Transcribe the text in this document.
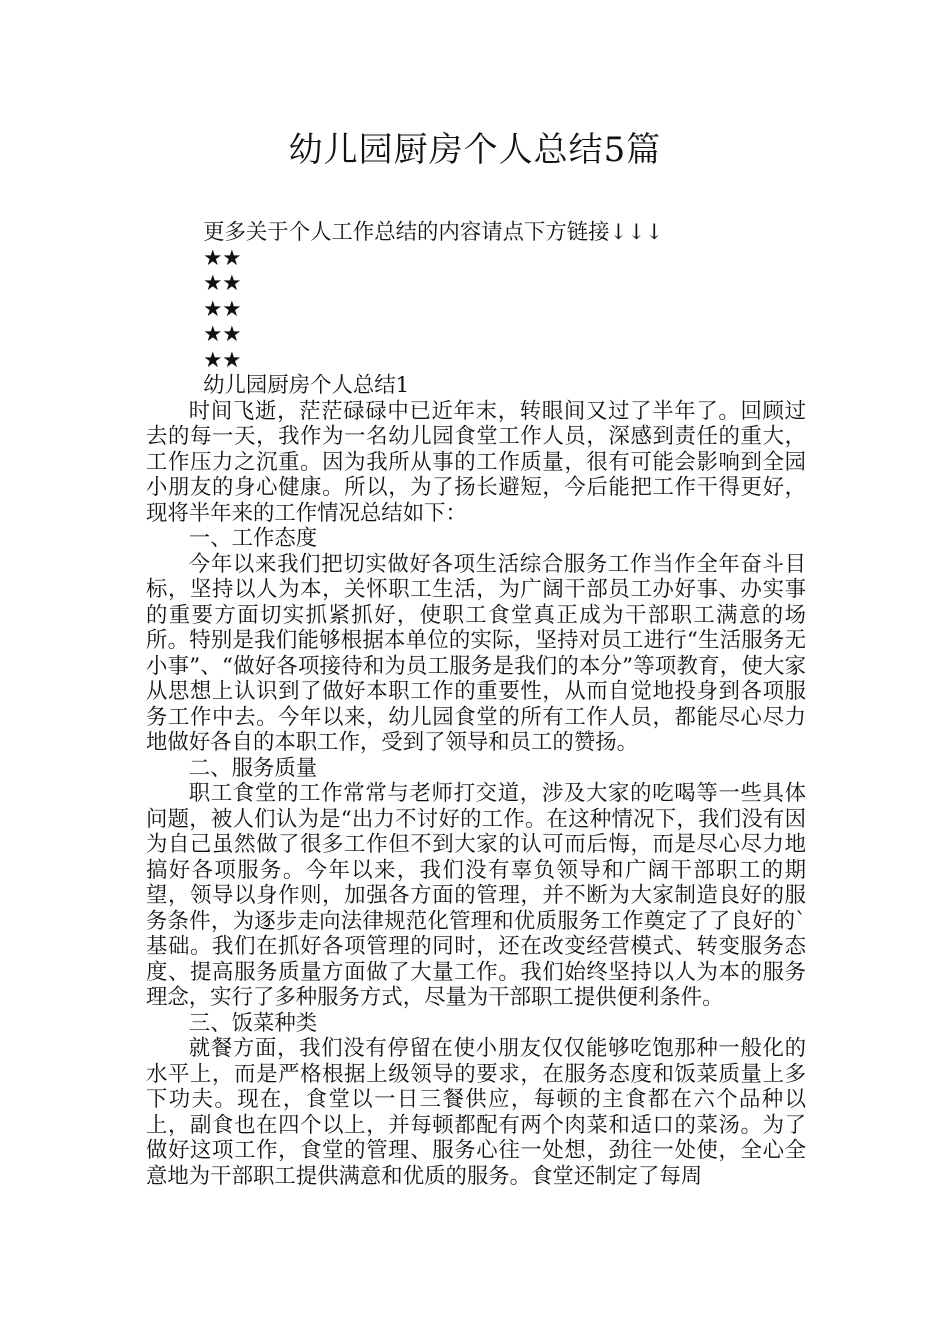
幼儿园厨房个人总结5篇

更多关于个人工作总结的内容请点下方链接↓↓↓

★★

★★

★★

★★

★★

幼儿园厨房个人总结1

时间飞逝，茫茫碌碌中已近年末，转眼间又过了半年了。回顾过去的每一天，我作为一名幼儿园食堂工作人员，深感到责任的重大，工作压力之沉重。因为我所从事的工作质量，很有可能会影响到全园小朋友的身心健康。所以，为了扬长避短，今后能把工作干得更好，现将半年来的工作情况总结如下：

一、工作态度

今年以来我们把切实做好各项生活综合服务工作当作全年奋斗目标，坚持以人为本，关怀职工生活，为广阔干部员工办好事、办实事的重要方面切实抓紧抓好，使职工食堂真正成为干部职工满意的场所。特别是我们能够根据本单位的实际，坚持对员工进行“生活服务无小事”、“做好各项接待和为员工服务是我们的本分”等项教育，使大家从思想上认识到了做好本职工作的重要性，从而自觉地投身到各项服务工作中去。今年以来，幼儿园食堂的所有工作人员，都能尽心尽力地做好各自的本职工作，受到了领导和员工的赞扬。

二、服务质量

职工食堂的工作常常与老师打交道，涉及大家的吃喝等一些具体问题，被人们认为是“出力不讨好的工作。在这种情况下，我们没有因为自己虽然做了很多工作但不到大家的认可而后悔，而是尽心尽力地搞好各项服务。今年以来，我们没有辜负领导和广阔干部职工的期望，领导以身作则，加强各方面的管理，并不断为大家制造良好的服务条件，为逐步走向法律规范化管理和优质服务工作奠定了了良好的`基础。我们在抓好各项管理的同时，还在改变经营模式、转变服务态度、提高服务质量方面做了大量工作。我们始终坚持以人为本的服务理念，实行了多种服务方式，尽量为干部职工提供便利条件。

三、饭菜种类

就餐方面，我们没有停留在使小朋友仅仅能够吃饱那种一般化的水平上，而是严格根据上级领导的要求，在服务态度和饭菜质量上多下功夫。现在，食堂以一日三餐供应，每顿的主食都在六个品种以上，副食也在四个以上，并每顿都配有两个肉菜和适口的菜汤。为了做好这项工作，食堂的管理、服务心往一处想，劲往一处使，全心全意地为干部职工提供满意和优质的服务。食堂还制定了每周
